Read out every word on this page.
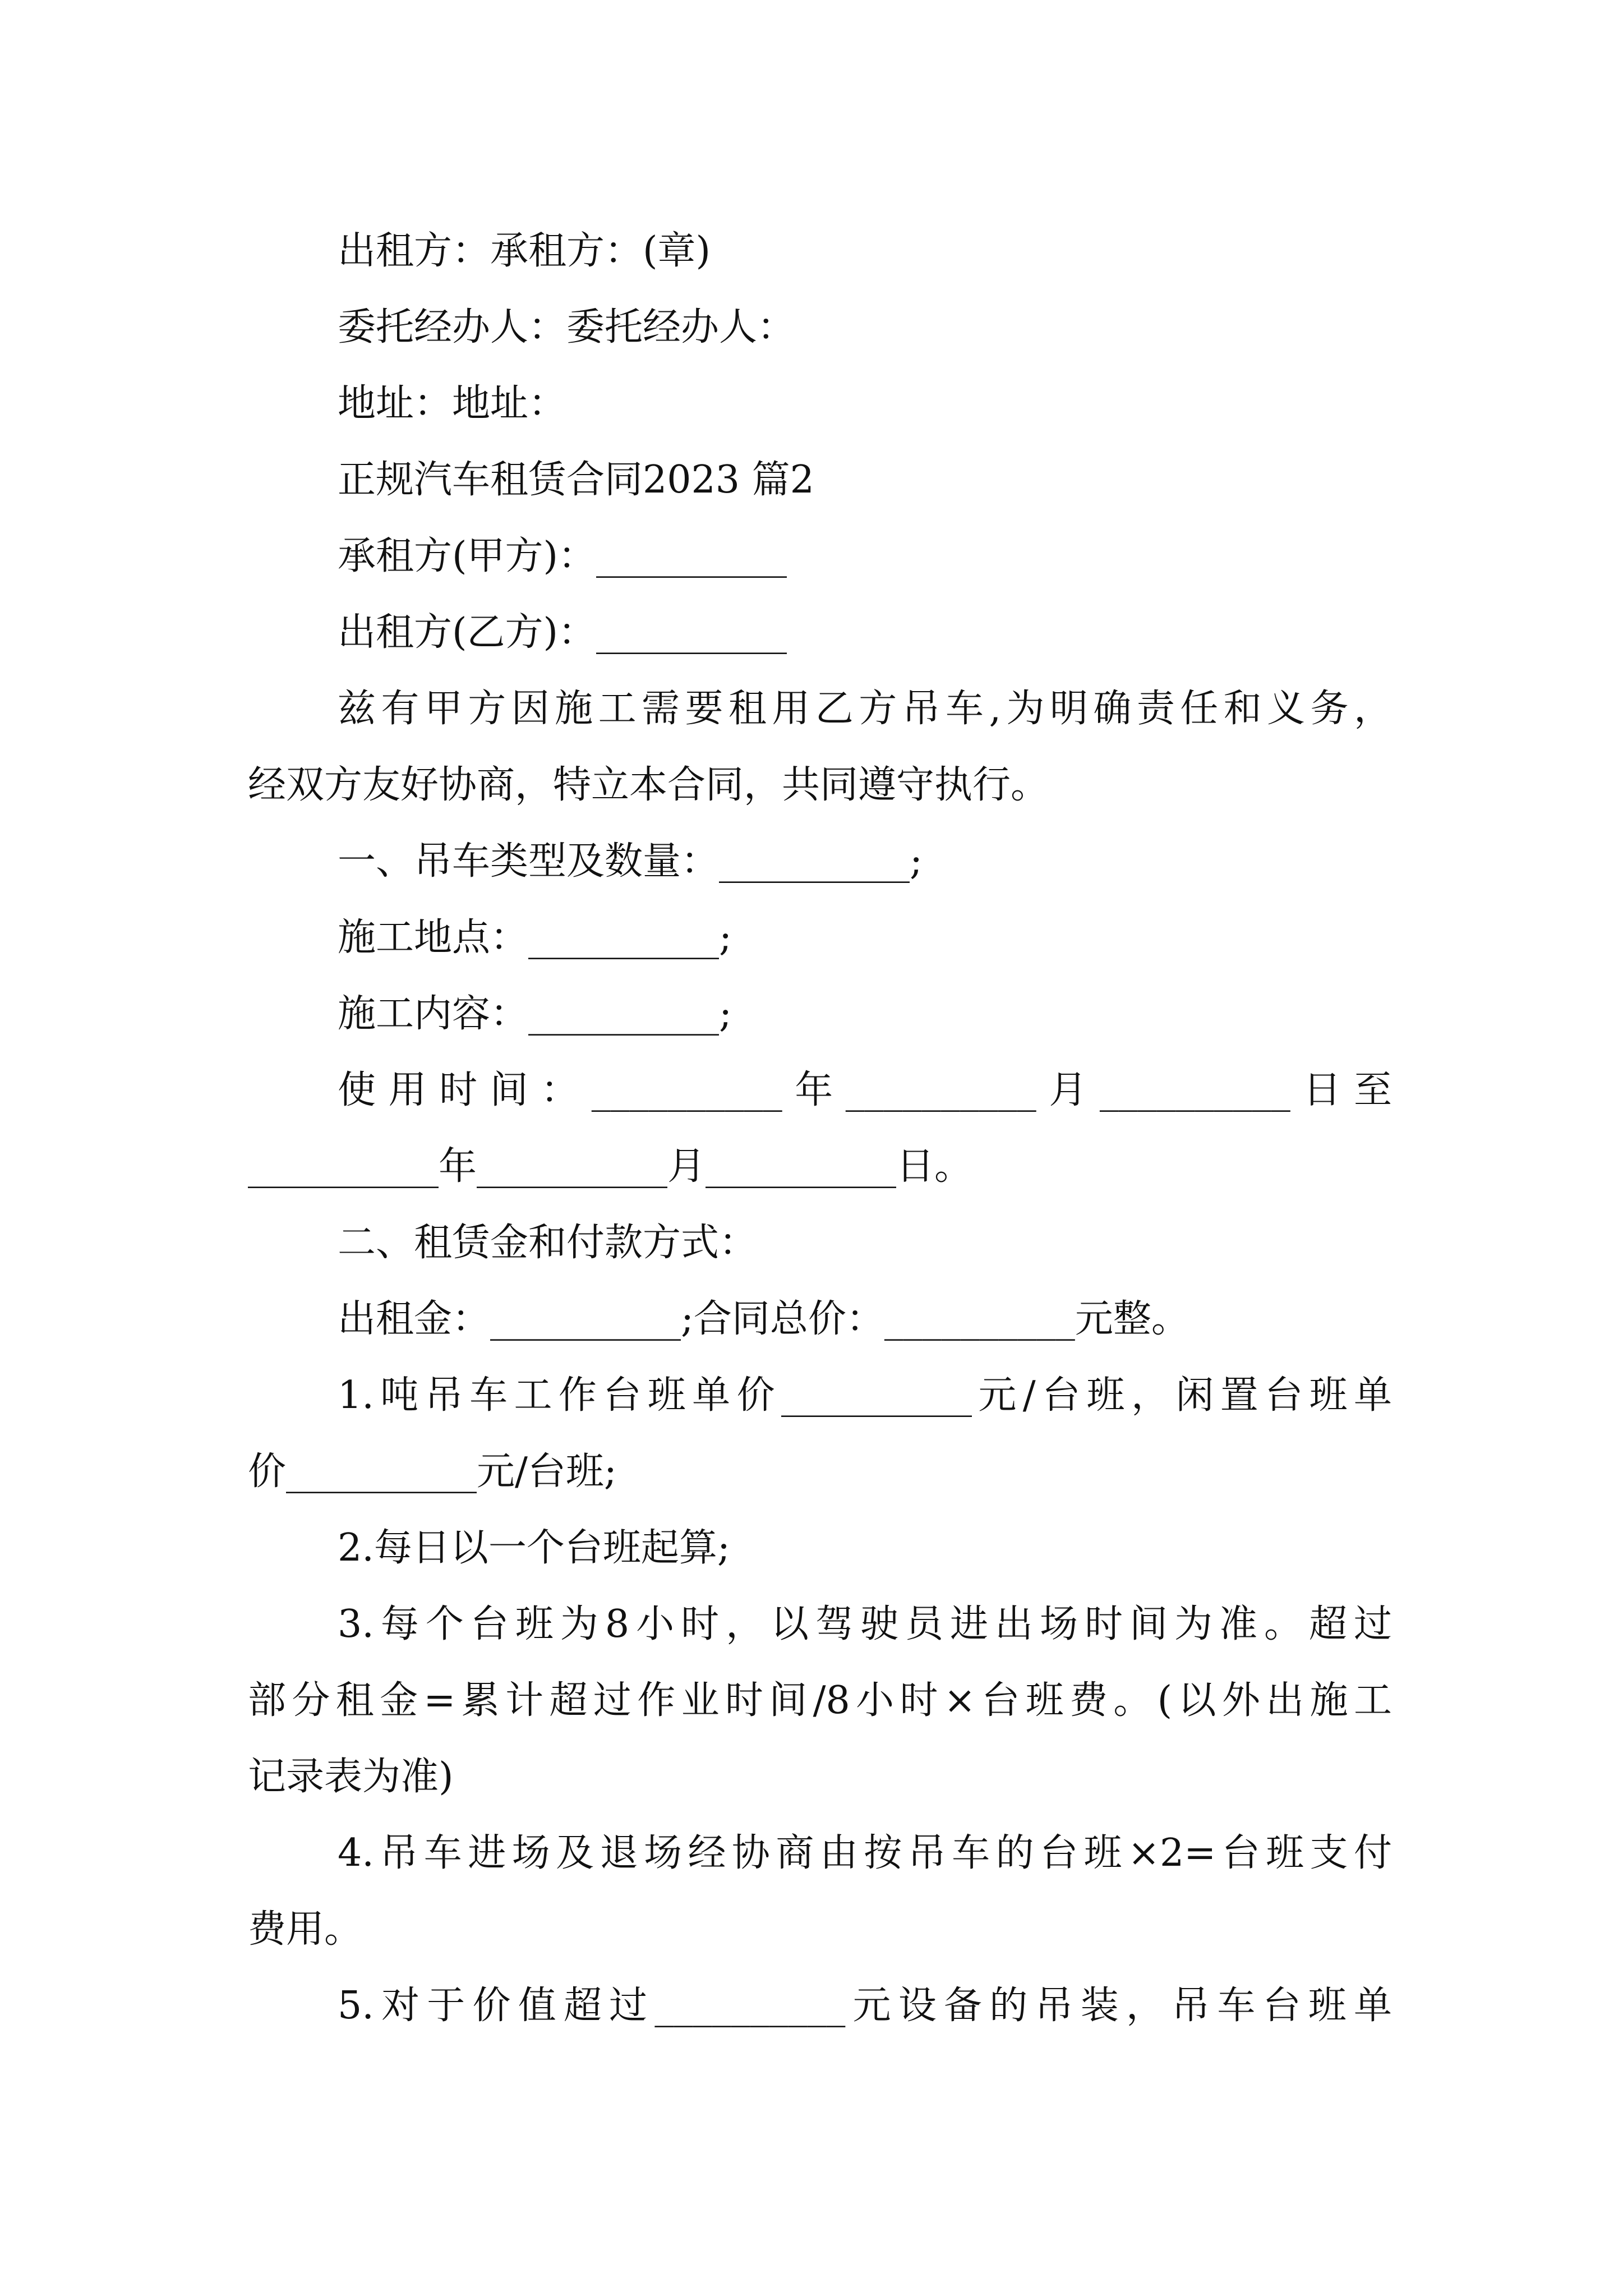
出租方：承租方：(章)
委托经办人：委托经办人：
地址：地址：
正规汽车租赁合同2023 篇2
承租方(甲方)：__________
出租方(乙方)：__________
兹有甲方因施工需要租用乙方吊车,为明确责任和义务，
经双方友好协商，特立本合同，共同遵守执行。
一、吊车类型及数量：__________;
施工地点：__________;
施工内容：__________;
使用时间：__________年__________月__________日至
__________年__________月__________日。
二、租赁金和付款方式：
出租金：__________;合同总价：__________元整。
1.吨吊车工作台班单价__________元/台班，闲置台班单
价__________元/台班;
2.每日以一个台班起算;
3.每个台班为8小时，以驾驶员进出场时间为准。超过
部分租金=累计超过作业时间/8小时×台班费。(以外出施工
记录表为准)
4.吊车进场及退场经协商由按吊车的台班×2=台班支付
费用。
5.对于价值超过__________元设备的吊装，吊车台班单
